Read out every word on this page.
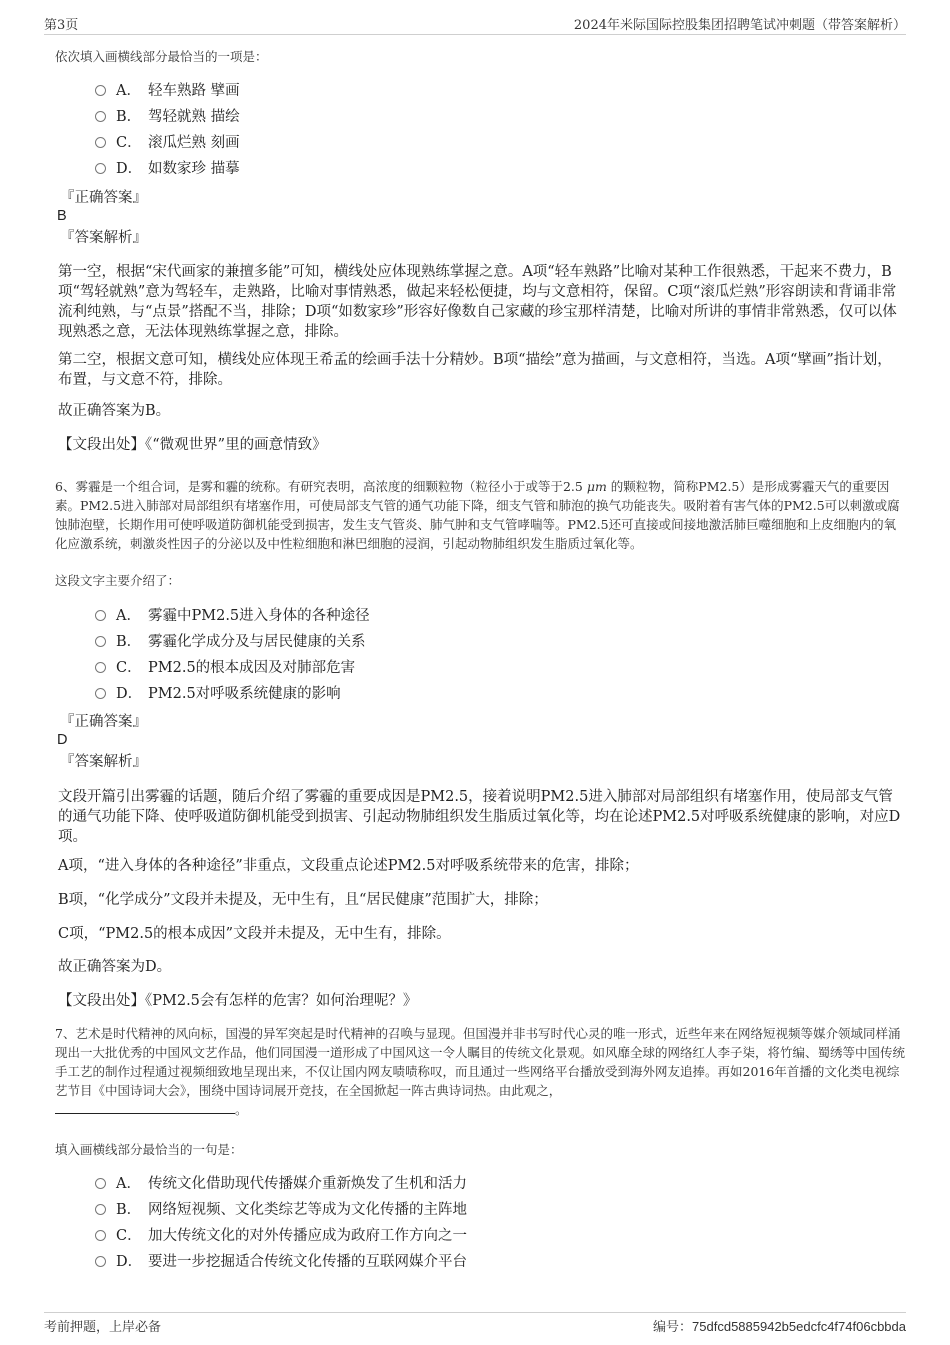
第3页	2024年米际国际控股集团招聘笔试冲刺题（带答案解析）
依次填入画横线部分最恰当的一项是：
A． 轻车熟路 擘画
B． 驾轻就熟 描绘
C． 滚瓜烂熟 刻画
D． 如数家珍 描摹
『正确答案』
B
『答案解析』
第一空，根据“宋代画家的兼擅多能”可知，横线处应体现熟练掌握之意。A项“轻车熟路”比喻对某种工作很熟悉，干起来不费力，B项“驾轻就熟”意为驾轻车，走熟路，比喻对事情熟悉，做起来轻松便捷，均与文意相符，保留。C项“滚瓜烂熟”形容朗读和背诵非常流利纯熟，与“点景”搭配不当，排除；D项“如数家珍”形容好像数自己家藏的珍宝那样清楚，比喻对所讲的事情非常熟悉，仅可以体现熟悉之意，无法体现熟练掌握之意，排除。
第二空，根据文意可知，横线处应体现王希孟的绘画手法十分精妙。B项“描绘”意为描画，与文意相符，当选。A项“擘画”指计划，布置，与文意不符，排除。
故正确答案为B。
【文段出处】《“微观世界”里的画意情致》
6、雾霾是一个组合词，是雾和霾的统称。有研究表明，高浓度的细颗粒物（粒径小于或等于2.5 μm 的颗粒物，简称PM2.5）是形成雾霾天气的重要因素。PM2.5进入肺部对局部组织有堵塞作用，可使局部支气管的通气功能下降，细支气管和肺泡的换气功能丧失。吸附着有害气体的PM2.5可以刺激或腐蚀肺泡壁，长期作用可使呼吸道防御机能受到损害，发生支气管炎、肺气肿和支气管哮喘等。PM2.5还可直接或间接地激活肺巨噬细胞和上皮细胞内的氧化应激系统，刺激炎性因子的分泌以及中性粒细胞和淋巴细胞的浸润，引起动物肺组织发生脂质过氧化等。
这段文字主要介绍了：
A． 雾霾中PM2.5进入身体的各种途径
B． 雾霾化学成分及与居民健康的关系
C． PM2.5的根本成因及对肺部危害
D． PM2.5对呼吸系统健康的影响
『正确答案』
D
『答案解析』
文段开篇引出雾霾的话题，随后介绍了雾霾的重要成因是PM2.5，接着说明PM2.5进入肺部对局部组织有堵塞作用，使局部支气管的通气功能下降、使呼吸道防御机能受到损害、引起动物肺组织发生脂质过氧化等，均在论述PM2.5对呼吸系统健康的影响，对应D项。
A项，“进入身体的各种途径”非重点，文段重点论述PM2.5对呼吸系统带来的危害，排除；
B项，“化学成分”文段并未提及，无中生有，且“居民健康”范围扩大，排除；
C项，“PM2.5的根本成因”文段并未提及，无中生有，排除。
故正确答案为D。
【文段出处】《PM2.5会有怎样的危害？如何治理呢？》
7、艺术是时代精神的风向标，国漫的异军突起是时代精神的召唤与显现。但国漫并非书写时代心灵的唯一形式，近些年来在网络短视频等媒介领域同样涌现出一大批优秀的中国风文艺作品，他们同国漫一道形成了中国风这一令人瞩目的传统文化景观。如风靡全球的网络红人李子柒，将竹编、蜀绣等中国传统手工艺的制作过程通过视频细致地呈现出来，不仅让国内网友啧啧称叹，而且通过一些网络平台播放受到海外网友追捧。再如2016年首播的文化类电视综艺节目《中国诗词大会》，围绕中国诗词展开竞技，在全国掀起一阵古典诗词热。由此观之，
。
填入画横线部分最恰当的一句是：
A． 传统文化借助现代传播媒介重新焕发了生机和活力
B． 网络短视频、文化类综艺等成为文化传播的主阵地
C． 加大传统文化的对外传播应成为政府工作方向之一
D． 要进一步挖掘适合传统文化传播的互联网媒介平台
考前押题，上岸必备	编号：75dfcd5885942b5edcfc4f74f06cbbda
